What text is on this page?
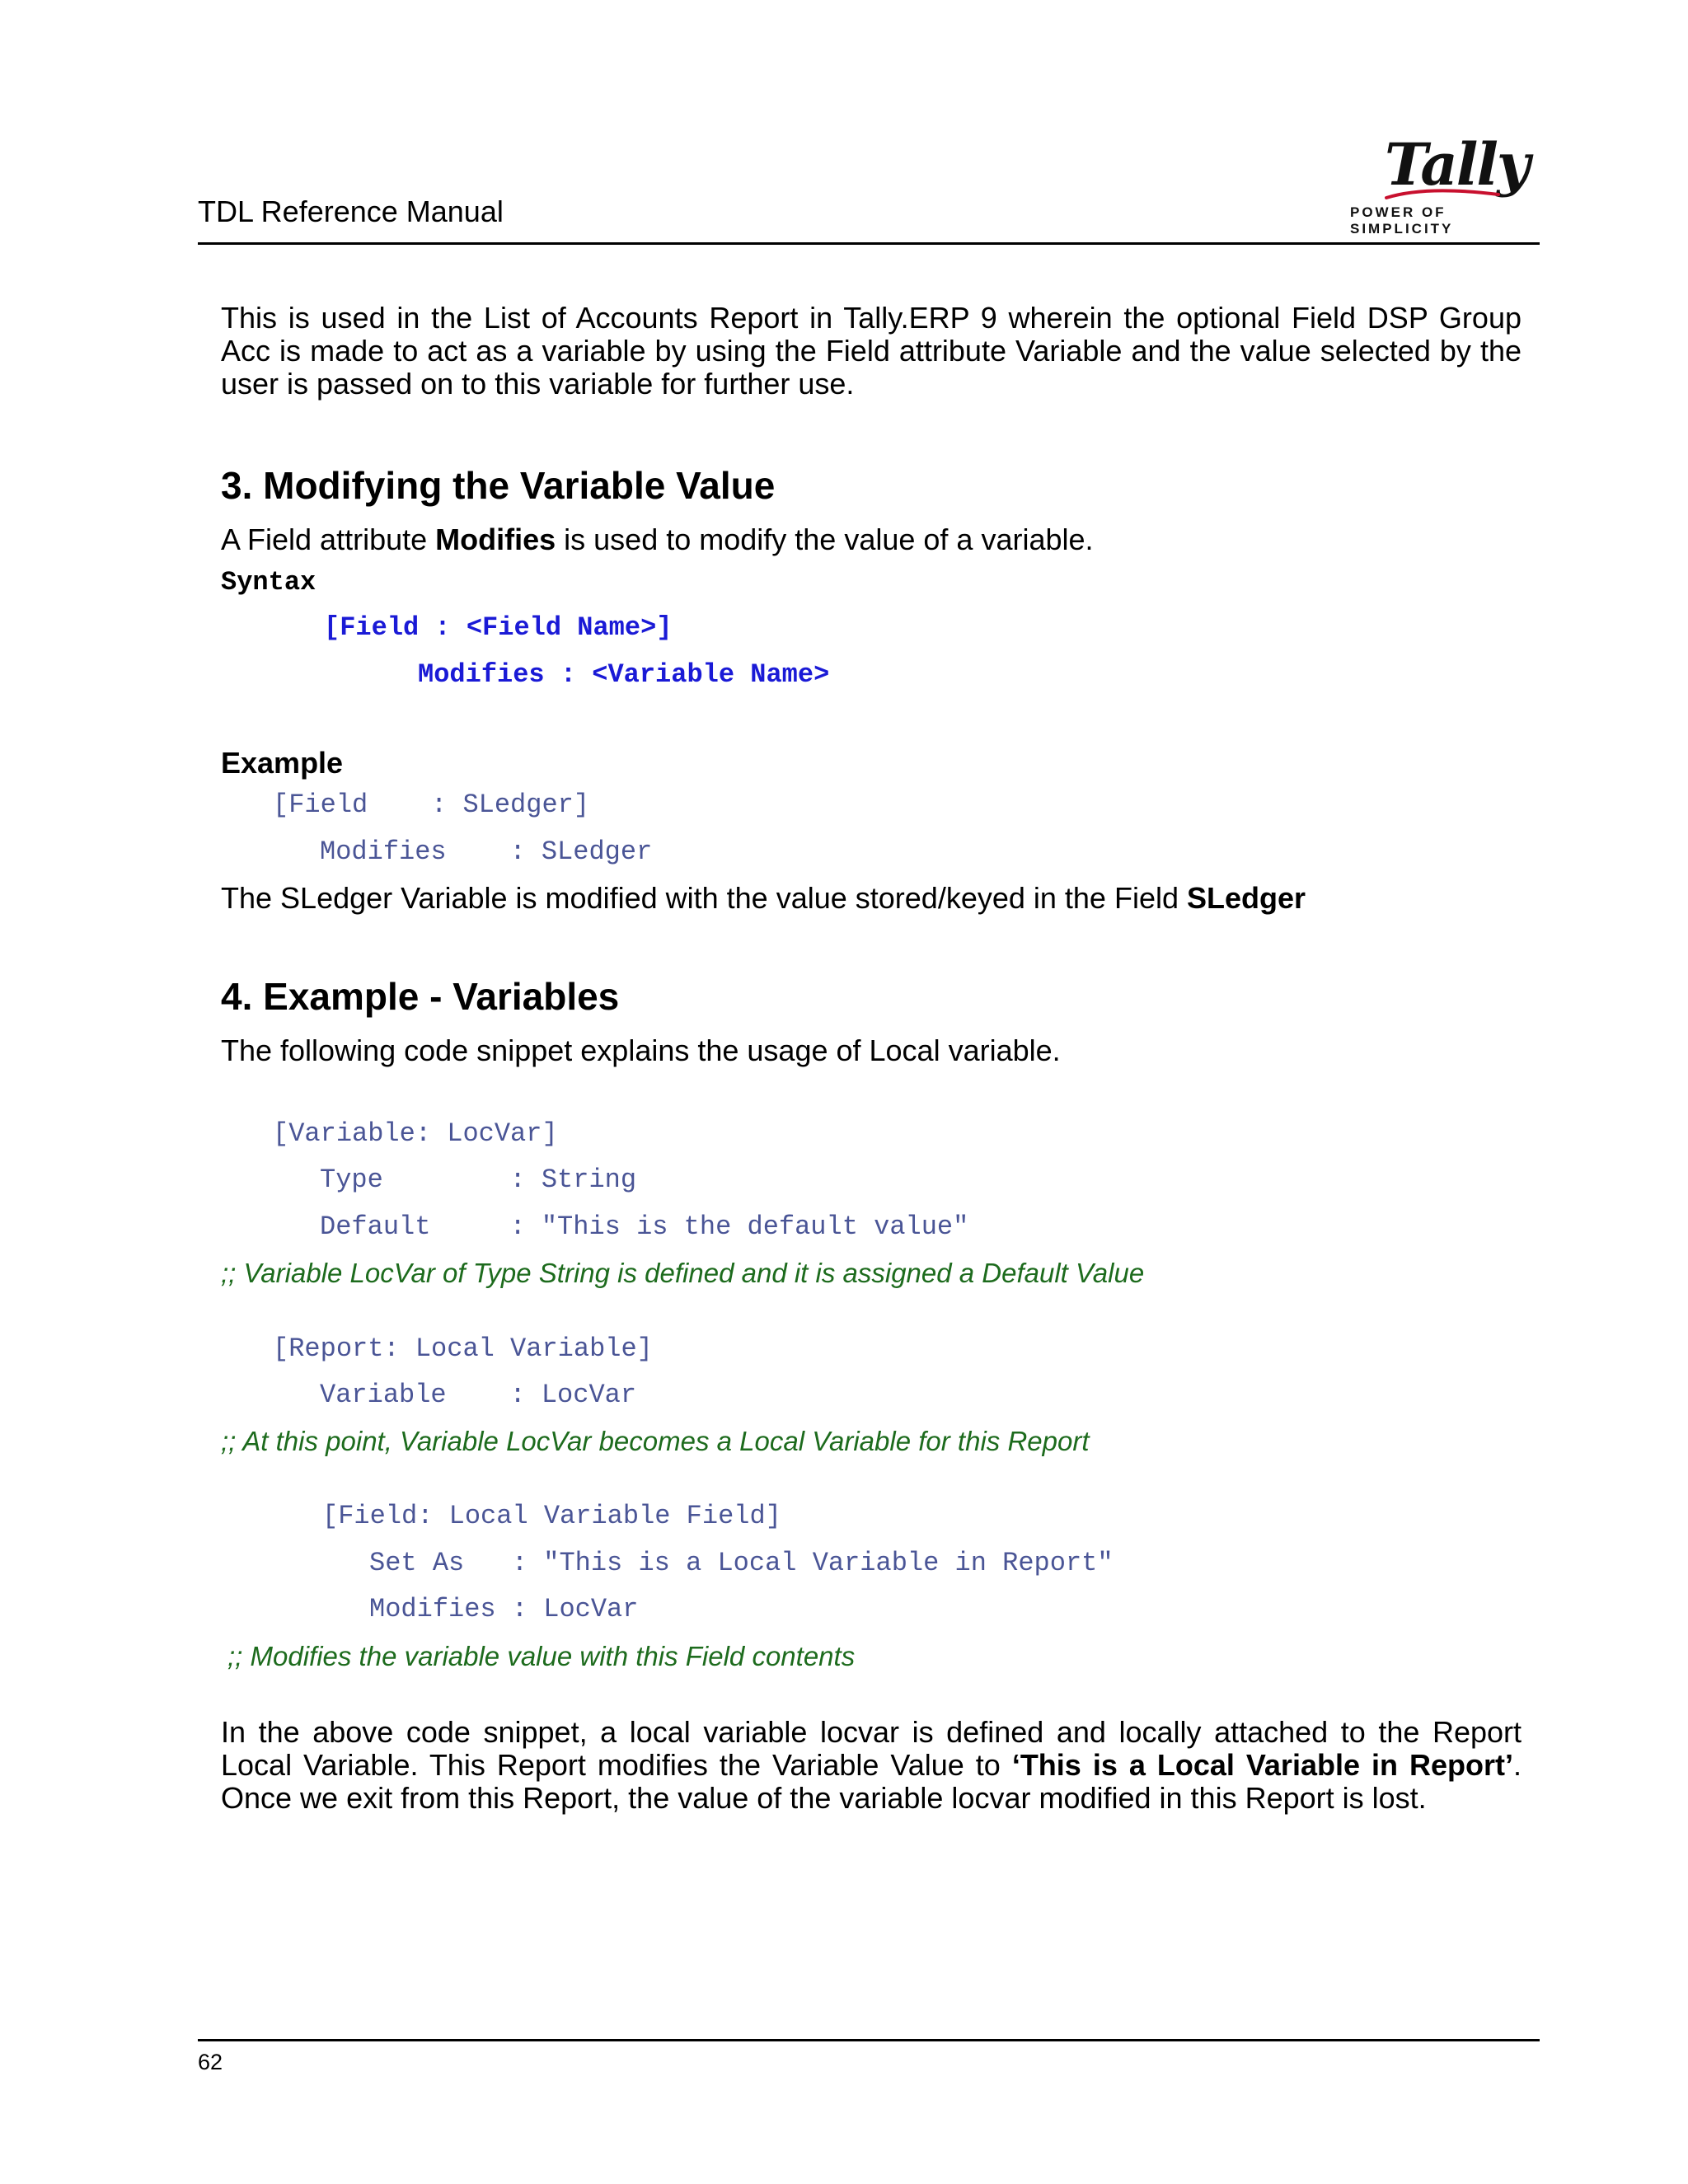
TDL Reference Manual
Tally
POWER OF SIMPLICITY
This is used in the List of Accounts Report in Tally.ERP 9 wherein the optional Field DSP Group Acc is made to act as a variable by using the Field attribute Variable and the value selected by the user is passed on to this variable for further use.
3. Modifying the Variable Value
A Field attribute Modifies is used to modify the value of a variable.
Syntax
[Field : <Field Name>]
Modifies : <Variable Name>
Example
[Field    : SLedger]
Modifies    : SLedger
The SLedger Variable is modified with the value stored/keyed in the Field SLedger
4. Example - Variables
The following code snippet explains the usage of Local variable.
[Variable: LocVar]
Type        : String
Default     : "This is the default value"
;; Variable LocVar of Type String is defined and it is assigned a Default Value
[Report: Local Variable]
Variable    : LocVar
;; At this point, Variable LocVar becomes a Local Variable for this Report
[Field: Local Variable Field]
Set As   : "This is a Local Variable in Report"
Modifies : LocVar
;; Modifies the variable value with this Field contents
In the above code snippet, a local variable locvar is defined and locally attached to the Report Local Variable. This Report modifies the Variable Value to ‘This is a Local Variable in Report’. Once we exit from this Report, the value of the variable locvar modified in this Report is lost.
62
